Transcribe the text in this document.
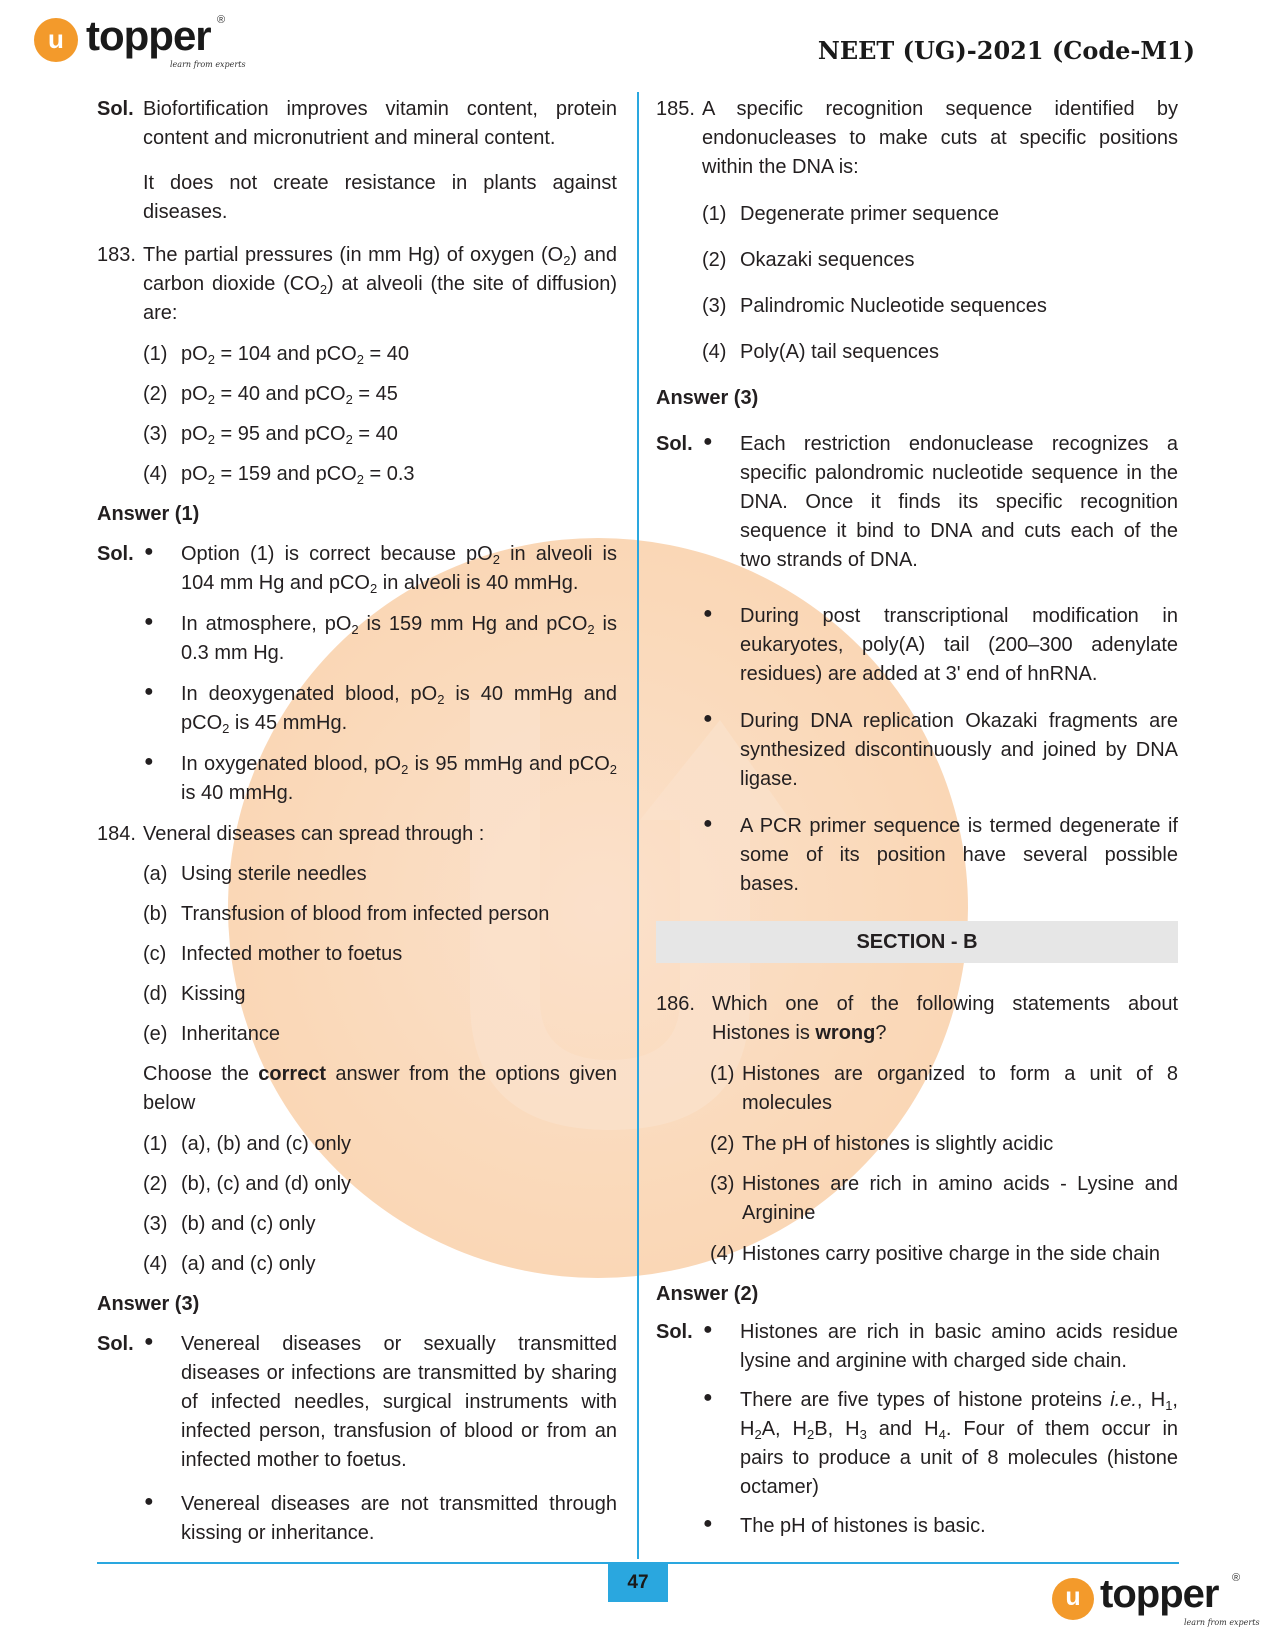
u topper ®
learn from experts	NEET (UG)-2021 (Code-M1)
Sol. Biofortification improves vitamin content, protein
content and micronutrient and mineral content.
It does not create resistance in plants against
diseases.
183. The partial pressures (in mm Hg) of oxygen $(O_2)$ and
carbon dioxide $(CO_2)$ at alveoli (the site of diffusion)
are:
(1) $pO_2 = 104$ and pCO$_2$ = 40
(2) $pO_2 = 40$ and pCO$_2$ = 45
(3) $pO_2 = 95$ and pCO$_2$ = 40
(4) $pO_2 = 159$ and pCO$_2$ = 0.3
Answer (1)
Sol. ● Option (1) is correct because $pO_2$ in alveoli is
104 mm Hg and pCO$_2$ in alveoli is 40 mmHg.
● In atmosphere, $pO_2$ is 159 mm Hg and pCO$_2$ is
0.3 mm Hg.
● In deoxygenated blood, $pO_2$ is 40 mmHg and
pCO$_2$ is 45 mmHg.
● In oxygenated blood, $pO_2$ is 95 mmHg and pCO$_2$
is 40 mmHg.
184. Veneral diseases can spread through :
(a) Using sterile needles
(b) Transfusion of blood from infected person
(c) Infected mother to foetus
(d) Kissing
(e) Inheritance
Choose the correct answer from the options given
below
(1) (a), (b) and (c) only
(2) (b), (c) and (d) only
(3) (b) and (c) only
(4) (a) and (c) only
Answer (3)
Sol. ● Venereal diseases or sexually transmitted
diseases or infections are transmitted by sharing
of infected needles, surgical instruments with
infected person, transfusion of blood or from an
infected mother to foetus.
● Venereal diseases are not transmitted through
kissing or inheritance.
185. A specific recognition sequence identified by
endonucleases to make cuts at specific positions
within the DNA is:
(1) Degenerate primer sequence
(2) Okazaki sequences
(3) Palindromic Nucleotide sequences
(4) Poly(A) tail sequences
Answer (3)
Sol. ● Each restriction endonuclease recognizes a
specific palondromic nucleotide sequence in the
DNA. Once it finds its specific recognition
sequence it bind to DNA and cuts each of the
two strands of DNA.
● During post transcriptional modification in
eukaryotes, poly(A) tail (200–300 adenylate
residues) are added at 3' end of hnRNA.
● During DNA replication Okazaki fragments are
synthesized discontinuously and joined by DNA
ligase.
● A PCR primer sequence is termed degenerate if
some of its position have several possible
bases.
SECTION - B
186. Which one of the following statements about
Histones is wrong?
(1) Histones are organized to form a unit of 8
molecules
(2) The pH of histones is slightly acidic
(3) Histones are rich in amino acids - Lysine and
Arginine
(4) Histones carry positive charge in the side chain
Answer (2)
Sol. ● Histones are rich in basic amino acids residue
lysine and arginine with charged side chain.
● There are five types of histone proteins i.e., $H_1$,
$H_2A$, $H_2B$, $H_3$ and $H_4$. Four of them occur in
pairs to produce a unit of 8 molecules (histone
octamer)
● The pH of histones is basic.
47
u topper ®
learn from experts
